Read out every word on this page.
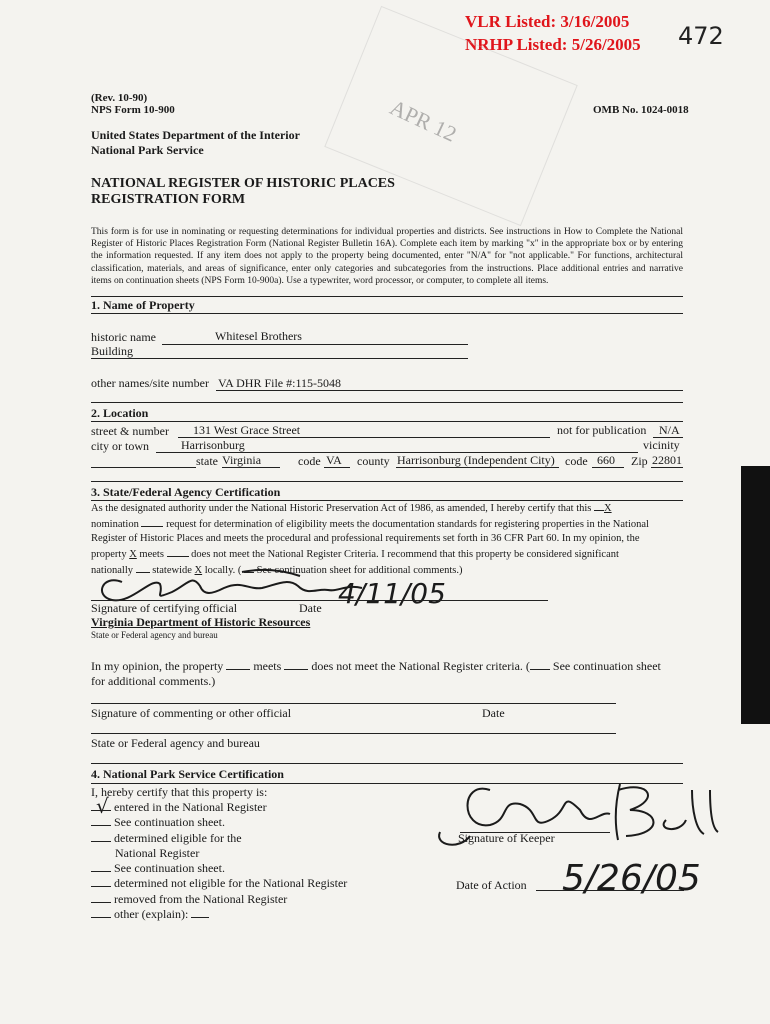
VLR Listed: 3/16/2005
NRHP Listed: 5/26/2005 472
APR 12
(Rev. 10-90)
NPS Form 10-900	OMB No. 1024-0018
United States Department of the Interior
National Park Service
NATIONAL REGISTER OF HISTORIC PLACES
REGISTRATION FORM
This form is for use in nominating or requesting determinations for individual properties and districts. See instructions in How to Complete the National Register of Historic Places Registration Form (National Register Bulletin 16A). Complete each item by marking "x" in the appropriate box or by entering the information requested. If any item does not apply to the property being documented, enter "N/A" for "not applicable." For functions, architectural classification, materials, and areas of significance, enter only categories and subcategories from the instructions. Place additional entries and narrative items on continuation sheets (NPS Form 10-900a). Use a typewriter, word processor, or computer, to complete all items.
1. Name of Property
historic name	Whitesel Brothers
Building
other names/site number VA DHR File #:115-5048
2. Location
street & number 131 West Grace Street	not for publication N/A
city or town	Harrisonburg	vicinity
state Virginia	code VA county Harrisonburg (Independent City) code 660 Zip 22801
3. State/Federal Agency Certification
As the designated authority under the National Historic Preservation Act of 1986, as amended, I hereby certify that this X
nomination	request for determination of eligibility meets the documentation standards for registering properties in the National
Register of Historic Places and meets the procedural and professional requirements set forth in 36 CFR Part 60. In my opinion, the
property X meets	does not meet the National Register Criteria. I recommend that this property be considered significant
nationally statewide X locally. ( See continuation sheet for additional comments.)
4/11/05
Signature of certifying official	Date
Virginia Department of Historic Resources
State or Federal agency and bureau
In my opinion, the property	meets	does not meet the National Register criteria. ( See continuation sheet
for additional comments.)
Signature of commenting or other official	Date
State or Federal agency and bureau
4. National Park Service Certification
I, hereby certify that this property is:
√ entered in the National Register
See continuation sheet.
determined eligible for the
National Register
See continuation sheet.
determined not eligible for the National Register
removed from the National Register
other (explain):
Signature of Keeper
Date of Action 5/26/05
